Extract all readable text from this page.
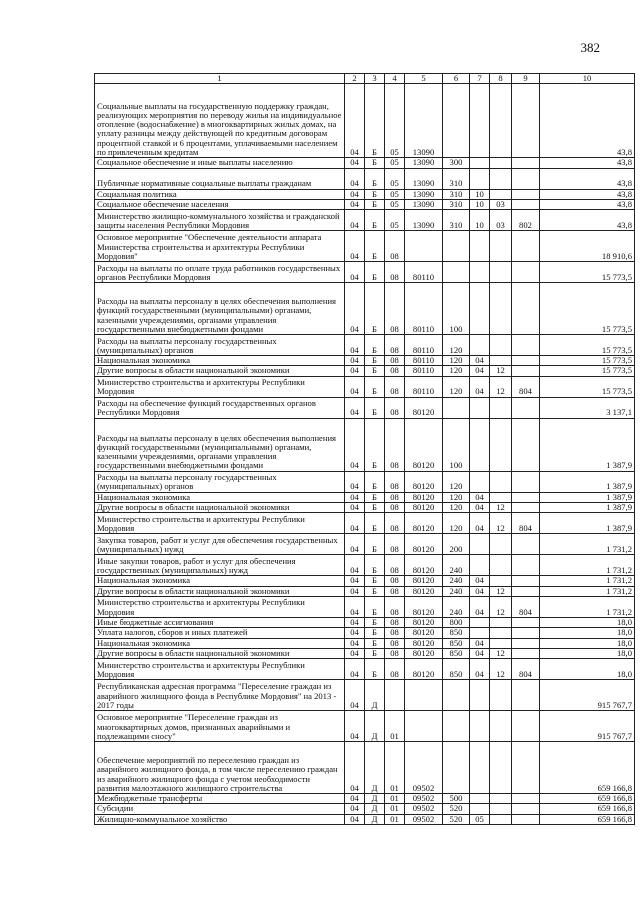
382
1	2	3	4	5	6	7	8	9	10
Социальные выплаты на государственную поддержку граждан, реализующих мероприятия по переводу жилья на индивидуальное отопление (водоснабжение) в многоквартирных жилых домах, на уплату разницы между действующей по кредитным договорам процентной ставкой и 6 процентами, уплачиваемыми населением по привлеченным кредитам	04	Б	05	13090					43,8
Социальное обеспечение и иные выплаты населению	04	Б	05	13090	300				43,8
Публичные нормативные социальные выплаты гражданам	04	Б	05	13090	310				43,8
Социальная политика	04	Б	05	13090	310	10			43,8
Социальное обеспечение населения	04	Б	05	13090	310	10	03		43,8
Министерство жилищно-коммунального хозяйства и гражданской защиты населения Республики Мордовия	04	Б	05	13090	310	10	03	802	43,8
Основное мероприятие "Обеспечение деятельности аппарата Министерства строительства и архитектуры Республики Мордовия"	04	Б	08						18 910,6
Расходы на выплаты по оплате труда работников государственных органов Республики Мордовия	04	Б	08	80110					15 773,5
Расходы на выплаты персоналу в целях обеспечения выполнения функций государственными (муниципальными) органами, казенными учреждениями, органами управления государственными внебюджетными фондами	04	Б	08	80110	100				15 773,5
Расходы на выплаты персоналу государственных (муниципальных) органов	04	Б	08	80110	120				15 773,5
Национальная экономика	04	Б	08	80110	120	04			15 773,5
Другие вопросы в области национальной экономики	04	Б	08	80110	120	04	12		15 773,5
Министерство строительства и архитектуры Республики Мордовия	04	Б	08	80110	120	04	12	804	15 773,5
Расходы на обеспечение функций государственных органов Республики Мордовия	04	Б	08	80120					3 137,1
Расходы на выплаты персоналу в целях обеспечения выполнения функций государственными (муниципальными) органами, казенными учреждениями, органами управления государственными внебюджетными фондами	04	Б	08	80120	100				1 387,9
Расходы на выплаты персоналу государственных (муниципальных) органов	04	Б	08	80120	120				1 387,9
Национальная экономика	04	Б	08	80120	120	04			1 387,9
Другие вопросы в области национальной экономики	04	Б	08	80120	120	04	12		1 387,9
Министерство строительства и архитектуры Республики Мордовия	04	Б	08	80120	120	04	12	804	1 387,9
Закупка товаров, работ и услуг для обеспечения государственных (муниципальных) нужд	04	Б	08	80120	200				1 731,2
Иные закупки товаров, работ и услуг для обеспечения государственных (муниципальных) нужд	04	Б	08	80120	240				1 731,2
Национальная экономика	04	Б	08	80120	240	04			1 731,2
Другие вопросы в области национальной экономики	04	Б	08	80120	240	04	12		1 731,2
Министерство строительства и архитектуры Республики Мордовия	04	Б	08	80120	240	04	12	804	1 731,2
Иные бюджетные ассигнования	04	Б	08	80120	800				18,0
Уплата налогов, сборов и иных платежей	04	Б	08	80120	850				18,0
Национальная экономика	04	Б	08	80120	850	04			18,0
Другие вопросы в области национальной экономики	04	Б	08	80120	850	04	12		18,0
Министерство строительства и архитектуры Республики Мордовия	04	Б	08	80120	850	04	12	804	18,0
Республиканская адресная программа "Переселение граждан из аварийного жилищного фонда в Республике Мордовия" на 2013 - 2017 годы	04	Д							915 767,7
Основное мероприятие "Переселение граждан из многоквартирных домов, признанных аварийными и подлежащими сносу"	04	Д	01						915 767,7
Обеспечение мероприятий по переселению граждан из аварийного жилищного фонда, в том числе переселению граждан из аварийного жилищного фонда с учетом необходимости развития малоэтажного жилищного строительства	04	Д	01	09502					659 166,8
Межбюджетные трансферты	04	Д	01	09502	500				659 166,8
Субсидии	04	Д	01	09502	520				659 166,8
Жилищно-коммунальное хозяйство	04	Д	01	09502	520	05			659 166,8
